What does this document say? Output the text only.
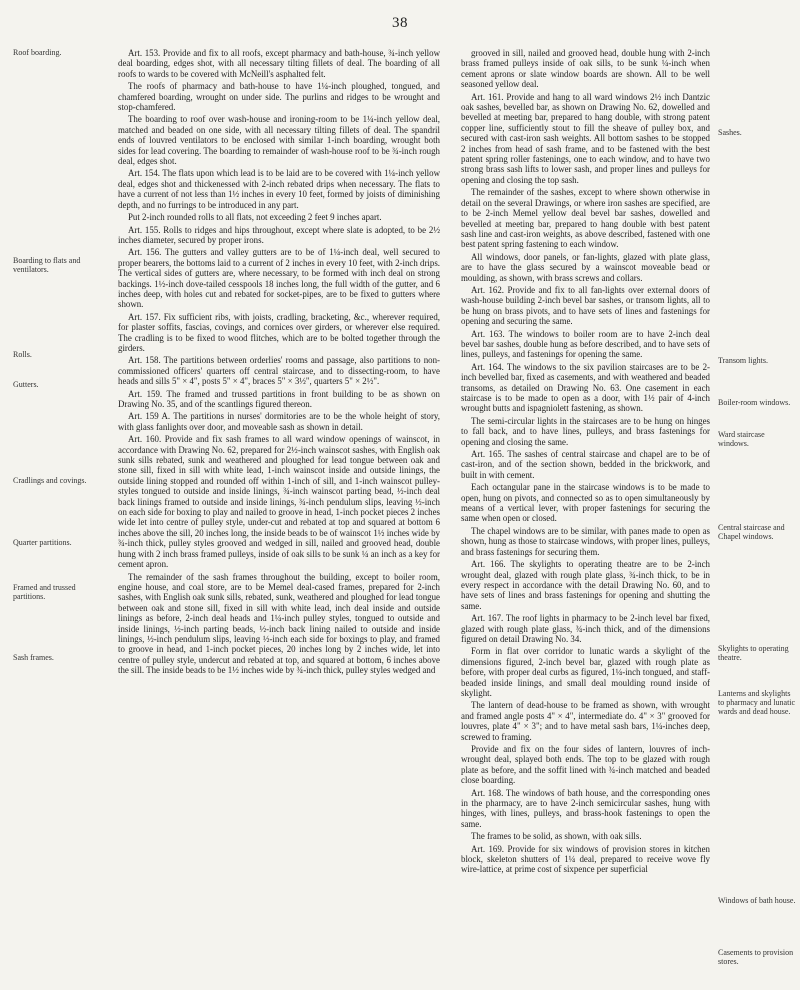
38
Roof boarding.
Boarding to flats and ventilators.
Rolls.
Gutters.
Cradlings and covings.
Quarter partitions.
Framed and trussed partitions.
Sash frames.

Art. 153. Provide and fix to all roofs, except pharmacy and bath-house, ¾-inch yellow deal boarding, edges shot, with all necessary tilting fillets of deal. The boarding of all roofs to wards to be covered with McNeill's asphalted felt.

The roofs of pharmacy and bath-house to have 1¼-inch ploughed, tongued, and chamfered boarding, wrought on under side. The purlins and ridges to be wrought and stop-chamfered.

The boarding to roof over wash-house and ironing-room to be 1¼-inch yellow deal, matched and beaded on one side, with all necessary tilting fillets of deal. The spandril ends of louvred ventilators to be enclosed with similar 1-inch boarding, wrought both sides for lead covering. The boarding to remainder of wash-house roof to be ¾-inch rough deal, edges shot.

Art. 154. The flats upon which lead is to be laid are to be covered with 1¼-inch yellow deal, edges shot and thickenessed with 2-inch rebated drips when necessary. The flats to have a current of not less than 1½ inches in every 10 feet, formed by joists of diminishing depth, and no furrings to be introduced in any part.

Put 2-inch rounded rolls to all flats, not exceeding 2 feet 9 inches apart.

Art. 155. Rolls to ridges and hips throughout, except where slate is adopted, to be 2½ inches diameter, secured by proper irons.

Art. 156. The gutters and valley gutters are to be of 1¼-inch deal, well secured to proper bearers, the bottoms laid to a current of 2 inches in every 10 feet, with 2-inch drips. The vertical sides of gutters are, where necessary, to be formed with inch deal on strong backings. 1½-inch dove-tailed cesspools 18 inches long, the full width of the gutter, and 6 inches deep, with holes cut and rebated for socket-pipes, are to be fixed to gutters where shown.

Art. 157. Fix sufficient ribs, with joists, cradling, bracketing, &c., wherever required, for plaster soffits, fascias, covings, and cornices over girders, or wherever else required. The cradling is to be fixed to wood flitches, which are to be bolted together through the girders.

Art. 158. The partitions between orderlies' rooms and passage, also partitions to non-commissioned officers' quarters off central staircase, and to dissecting-room, to have heads and sills 5" × 4", posts 5" × 4", braces 5" × 3½", quarters 5" × 2½".

Art. 159. The framed and trussed partitions in front building to be as shown on Drawing No. 35, and of the scantlings figured thereon.

Art. 159 A. The partitions in nurses' dormitories are to be the whole height of story, with glass fanlights over door, and moveable sash as shown in detail.

Art. 160. Provide and fix sash frames to all ward window openings of wainscot, in accordance with Drawing No. 62, prepared for 2½-inch wainscot sashes, with English oak sunk sills rebated, sunk and weathered and ploughed for lead tongue between oak and stone sill, fixed in sill with white lead, 1-inch wainscot inside and outside linings, the outside lining stopped and rounded off within 1-inch of sill, and 1-inch wainscot pulley-styles tongued to outside and inside linings, ¾-inch wainscot parting bead, ½-inch deal back linings framed to outside and inside linings, ¾-inch pendulum slips, leaving ½-inch on each side for boxing to play and nailed to groove in head, 1-inch pocket pieces 2 inches wide let into centre of pulley style, under-cut and rebated at top and squared at bottom 6 inches above the sill, 20 inches long, the inside beads to be of wainscot 1½ inches wide by ¾-inch thick, pulley styles grooved and wedged in sill, nailed and grooved head, double hung with 2 inch brass framed pulleys, inside of oak sills to be sunk ¼ an inch as a key for cement apron.

The remainder of the sash frames throughout the building, except to boiler room, engine house, and coal store, are to be Memel deal-cased frames, prepared for 2-inch sashes, with English oak sunk sills, rebated, sunk, weathered and ploughed for lead tongue between oak and stone sill, fixed in sill with white lead, inch deal inside and outside linings as before, 2-inch deal heads and 1¼-inch pulley styles, tongued to outside and inside linings, ½-inch parting beads, ½-inch back lining nailed to outside and inside linings, ½-inch pendulum slips, leaving ½-inch each side for boxings to play, and framed to groove in head, and 1-inch pocket pieces, 20 inches long by 2 inches wide, let into centre of pulley style, undercut and rebated at top, and squared at bottom, 6 inches above the sill. The inside beads to be 1½ inches wide by ¾-inch thick, pulley styles wedged and

grooved in sill, nailed and grooved head, double hung with 2-inch brass framed pulleys inside of oak sills, to be sunk ¼-inch when cement aprons or slate window boards are shown. All to be well seasoned yellow deal.

Art. 161. Provide and hang to all ward windows 2½ inch Dantzic oak sashes, bevelled bar, as shown on Drawing No. 62, dowelled and bevelled at meeting bar, prepared to hang double, with strong patent copper line, sufficiently stout to fill the sheave of pulley box, and secured with cast-iron sash weights. All bottom sashes to be stopped 2 inches from head of sash frame, and to be fastened with the best patent spring roller fastenings, one to each window, and to have two strong brass sash lifts to lower sash, and proper lines and pulleys for opening and closing the top sash.

The remainder of the sashes, except to where shown otherwise in detail on the several Drawings, or where iron sashes are specified, are to be 2-inch Memel yellow deal bevel bar sashes, dowelled and bevelled at meeting bar, prepared to hang double with best patent sash line and cast-iron weights, as above described, fastened with one best patent spring fastening to each window.

All windows, door panels, or fan-lights, glazed with plate glass, are to have the glass secured by a wainscot moveable bead or moulding, as shown, with brass screws and collars.

Art. 162. Provide and fix to all fan-lights over external doors of wash-house building 2-inch bevel bar sashes, or transom lights, all to be hung on brass pivots, and to have sets of lines and fastenings for opening and securing the same.

Art. 163. The windows to boiler room are to have 2-inch deal bevel bar sashes, double hung as before described, and to have sets of lines, pulleys, and fastenings for opening the same.

Art. 164. The windows to the six pavilion staircases are to be 2-inch bevelled bar, fixed as casements, and with weathered and beaded transoms, as detailed on Drawing No. 63. One casement in each staircase is to be made to open as a door, with 1½ pair of 4-inch wrought butts and ispagniolett fastening, as shown.

The semi-circular lights in the staircases are to be hung on hinges to fall back, and to have lines, pulleys, and brass fastenings for opening and closing the same.

Art. 165. The sashes of central staircase and chapel are to be of cast-iron, and of the section shown, bedded in the brickwork, and built in with cement.

Each octangular pane in the staircase windows is to be made to open, hung on pivots, and connected so as to open simultaneously by means of a vertical lever, with proper fastenings for securing the same when open or closed.

The chapel windows are to be similar, with panes made to open as shown, hung as those to staircase windows, with proper lines, pulleys, and brass fastenings for securing them.

Art. 166. The skylights to operating theatre are to be 2-inch wrought deal, glazed with rough plate glass, ¾-inch thick, to be in every respect in accordance with the detail Drawing No. 60, and to have sets of lines and brass fastenings for opening and shutting the same.

Art. 167. The roof lights in pharmacy to be 2-inch level bar fixed, glazed with rough plate glass, ¾-inch thick, and of the dimensions figured on detail Drawing No. 34.

Form in flat over corridor to lunatic wards a skylight of the dimensions figured, 2-inch bevel bar, glazed with rough plate as before, with proper deal curbs as figured, 1¼-inch tongued, and staff-beaded inside linings, and small deal moulding round inside of skylight.

The lantern of dead-house to be framed as shown, with wrought and framed angle posts 4" × 4", intermediate do. 4" × 3" grooved for louvres, plate 4" × 3"; and to have metal sash bars, 1¼-inches deep, screwed to framing.

Provide and fix on the four sides of lantern, louvres of inch-wrought deal, splayed both ends. The top to be glazed with rough plate as before, and the soffit lined with ¾-inch matched and beaded close boarding.

Art. 168. The windows of bath house, and the corresponding ones in the pharmacy, are to have 2-inch semicircular sashes, hung with hinges, with lines, pulleys, and brass-hook fastenings to open the same.

The frames to be solid, as shown, with oak sills.

Art. 169. Provide for six windows of provision stores in kitchen block, skeleton shutters of 1¼ deal, prepared to receive wove fly wire-lattice, at prime cost of sixpence per superficial

Sashes.
Transom lights.
Boiler-room windows.
Ward staircase windows.
Central staircase and Chapel windows.
Skylights to operating theatre.
Lanterns and skylights to pharmacy and lunatic wards and dead house.
Windows of bath house.
Casements to provision stores.
